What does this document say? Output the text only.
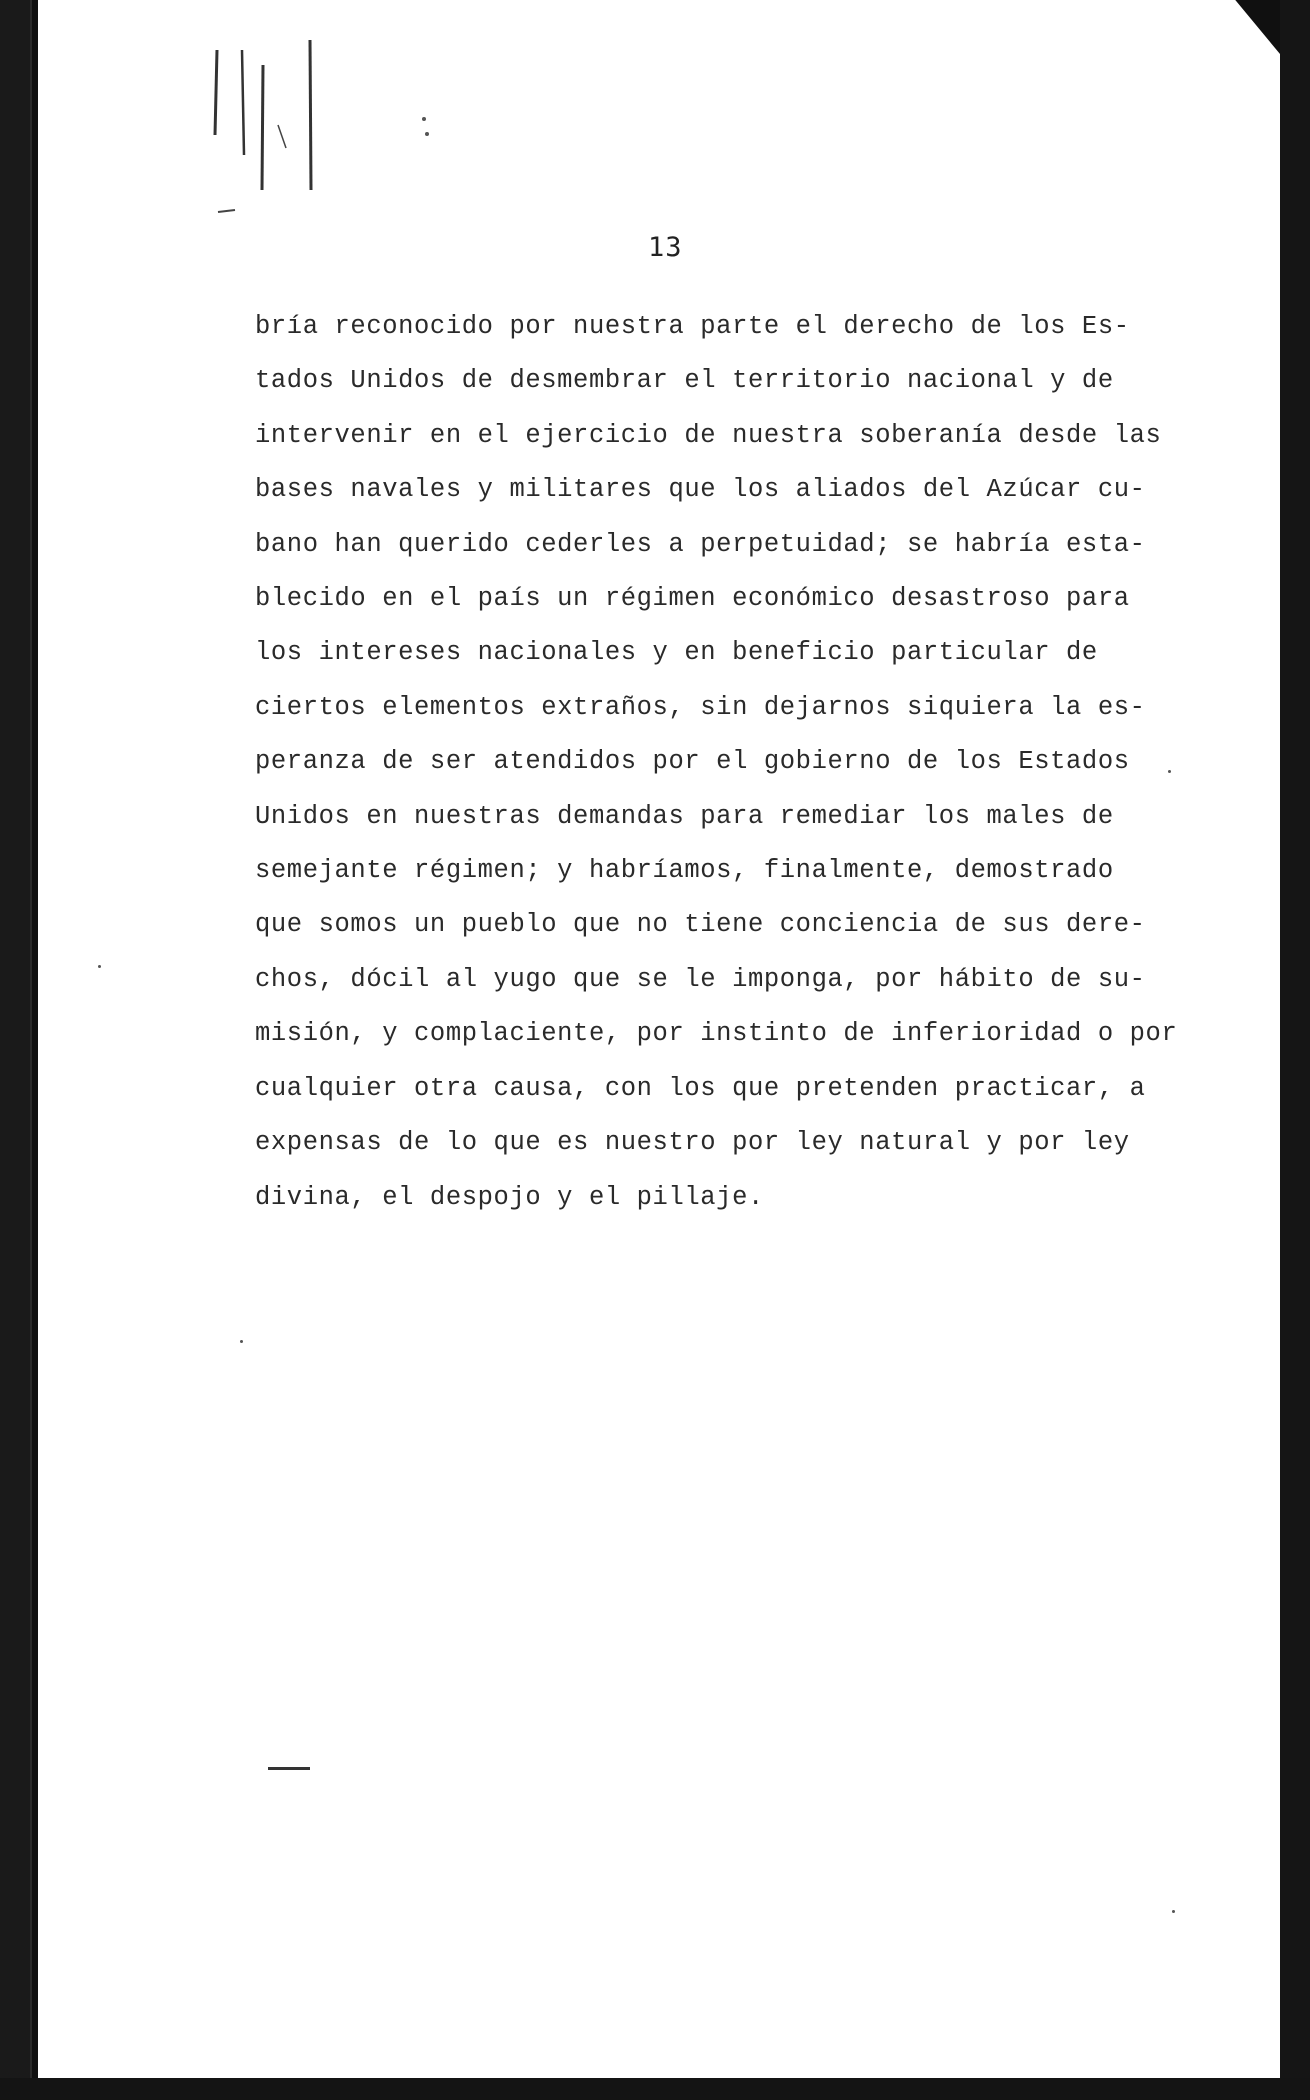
13
bría reconocido por nuestra parte el derecho de los Es-
tados Unidos de desmembrar el territorio nacional y de
intervenir en el ejercicio de nuestra soberanía desde las
bases navales y militares que los aliados del Azúcar cu-
bano han querido cederles a perpetuidad; se habría esta-
blecido en el país un régimen económico desastroso para
los intereses nacionales y en beneficio particular de
ciertos elementos extraños, sin dejarnos siquiera la es-
peranza de ser atendidos por el gobierno de los Estados
Unidos en nuestras demandas para remediar los males de
semejante régimen; y habríamos, finalmente, demostrado
que somos un pueblo que no tiene conciencia de sus dere-
chos, dócil al yugo que se le imponga, por hábito de su-
misión, y complaciente, por instinto de inferioridad o por
cualquier otra causa, con los que pretenden practicar, a
expensas de lo que es nuestro por ley natural y por ley
divina, el despojo y el pillaje.
